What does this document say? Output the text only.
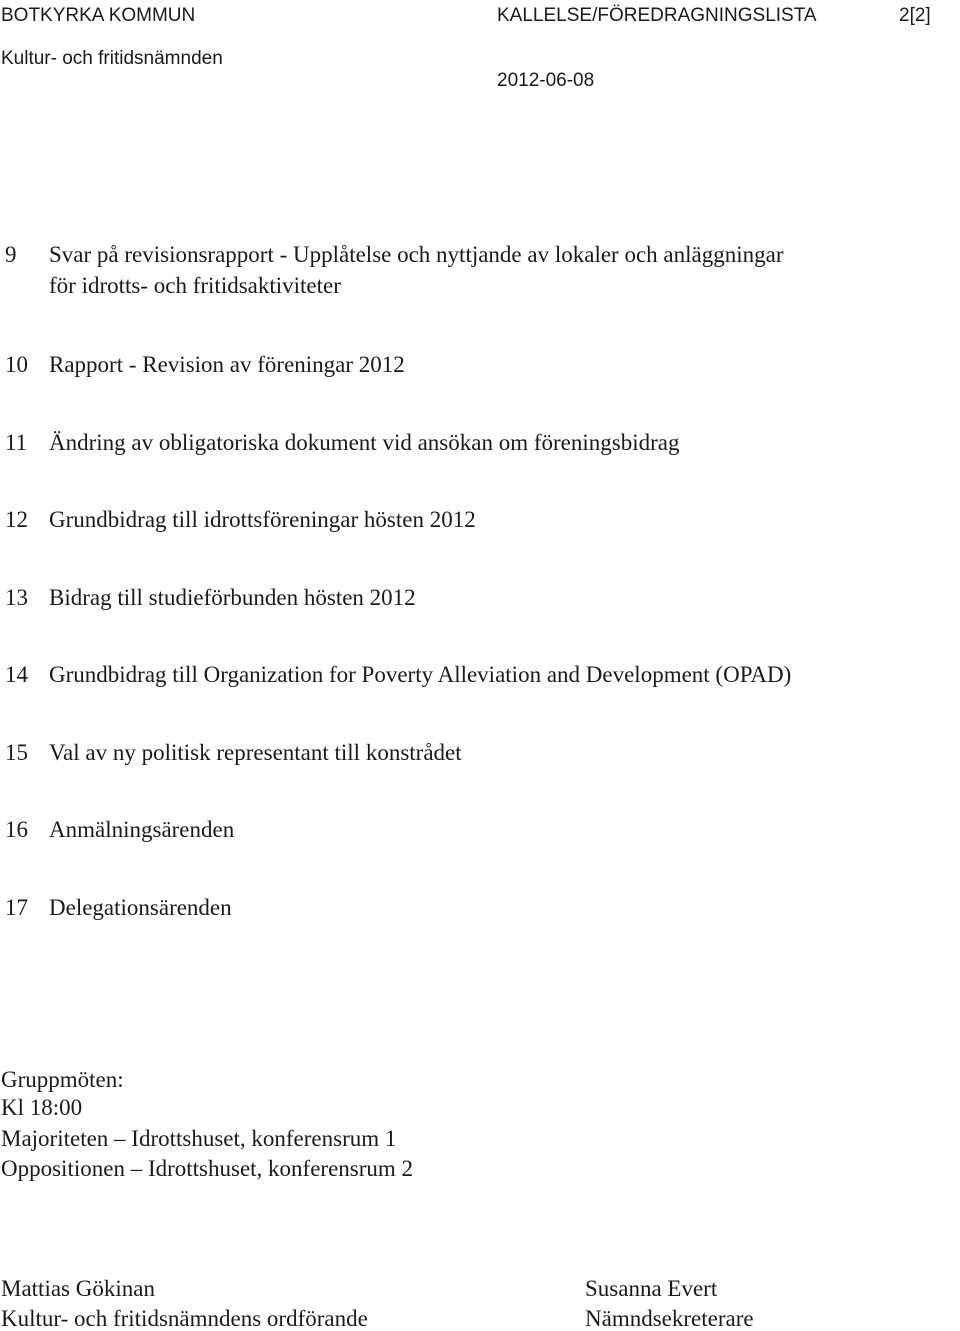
BOTKYRKA KOMMUN	KALLELSE/FÖREDRAGNINGSLISTA	2[2]
Kultur- och fritidsnämnden
2012-06-08
9 Svar på revisionsrapport - Upplåtelse och nyttjande av lokaler och anläggningar
för idrotts- och fritidsaktiviteter
10 Rapport - Revision av föreningar 2012
11 Ändring av obligatoriska dokument vid ansökan om föreningsbidrag
12 Grundbidrag till idrottsföreningar hösten 2012
13 Bidrag till studieförbunden hösten 2012
14 Grundbidrag till Organization for Poverty Alleviation and Development (OPAD)
15 Val av ny politisk representant till konstrådet
16 Anmälningsärenden
17 Delegationsärenden
Gruppmöten:
Kl 18:00
Majoriteten – Idrottshuset, konferensrum 1
Oppositionen – Idrottshuset, konferensrum 2
Mattias Gökinan
Kultur- och fritidsnämndens ordförande
Susanna Evert
Nämndsekreterare
